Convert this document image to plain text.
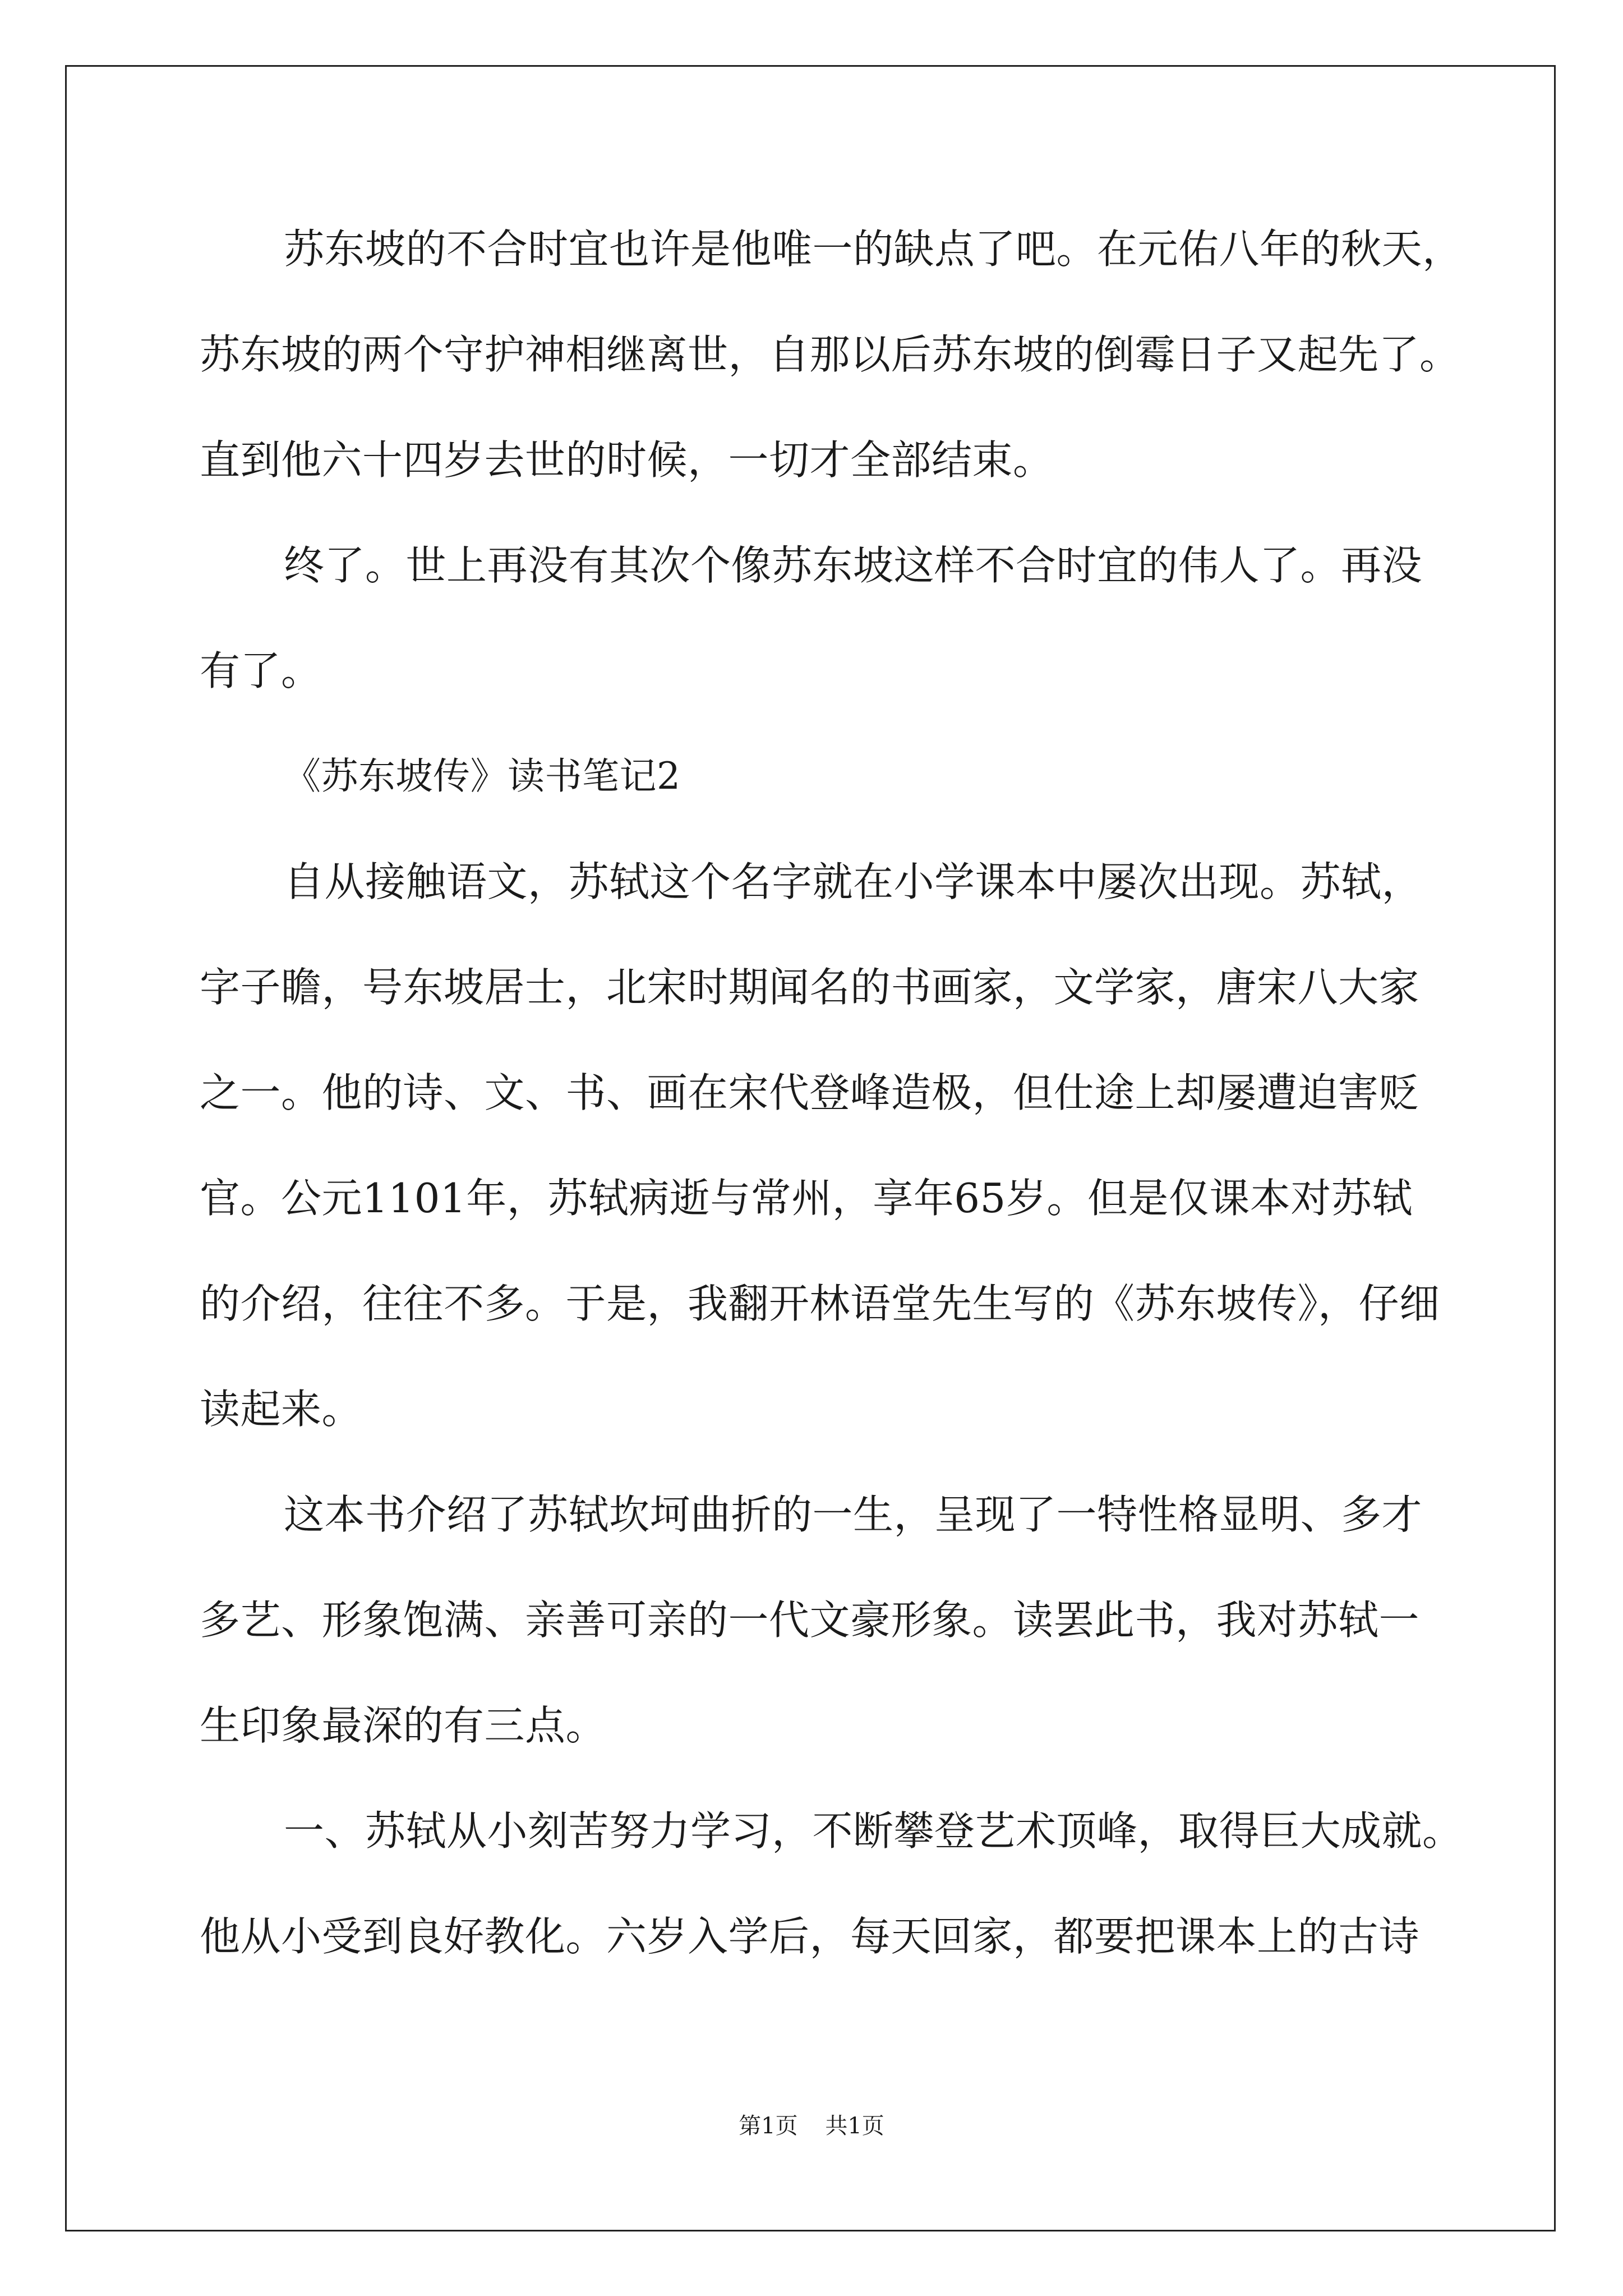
苏东坡的不合时宜也许是他唯一的缺点了吧。在元佑八年的秋天，
苏东坡的两个守护神相继离世，自那以后苏东坡的倒霉日子又起先了。
直到他六十四岁去世的时候，一切才全部结束。
终了。世上再没有其次个像苏东坡这样不合时宜的伟人了。再没
有了。
《苏东坡传》读书笔记2
自从接触语文，苏轼这个名字就在小学课本中屡次出现。苏轼，
字子瞻，号东坡居士，北宋时期闻名的书画家，文学家，唐宋八大家
之一。他的诗、文、书、画在宋代登峰造极，但仕途上却屡遭迫害贬
官。公元1101年，苏轼病逝与常州，享年65岁。但是仅课本对苏轼
的介绍，往往不多。于是，我翻开林语堂先生写的《苏东坡传》，仔细
读起来。
这本书介绍了苏轼坎坷曲折的一生，呈现了一特性格显明、多才
多艺、形象饱满、亲善可亲的一代文豪形象。读罢此书，我对苏轼一
生印象最深的有三点。
一、苏轼从小刻苦努力学习，不断攀登艺术顶峰，取得巨大成就。
他从小受到良好教化。六岁入学后，每天回家，都要把课本上的古诗
第1页 共1页
